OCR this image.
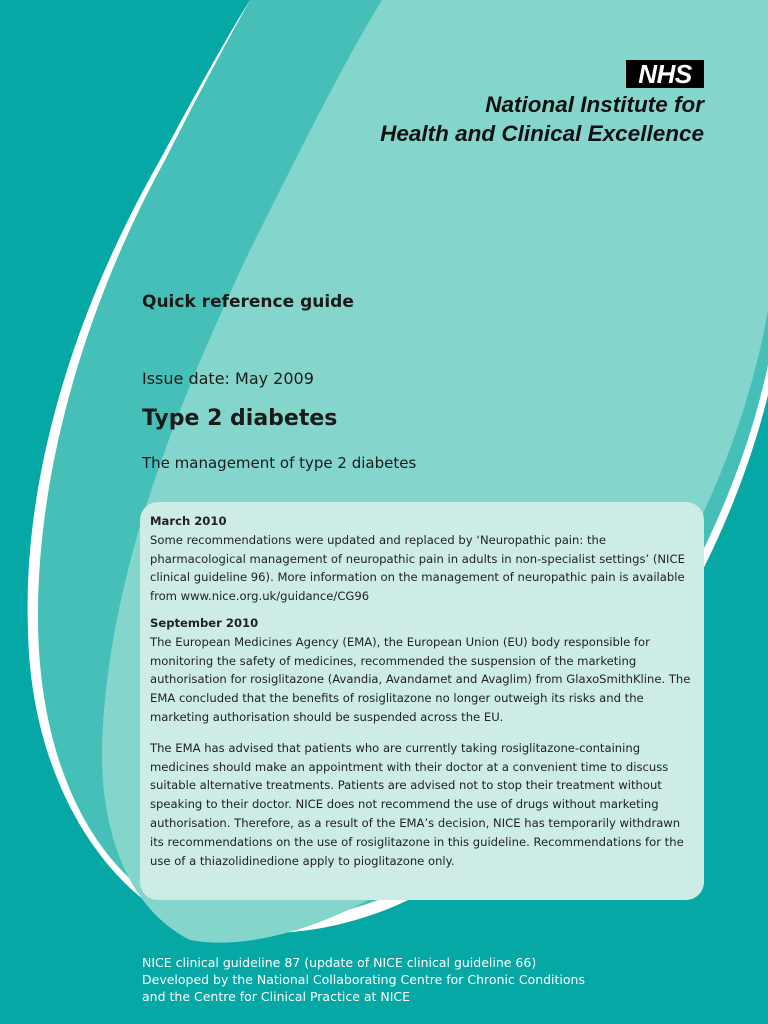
NHS
National Institute for
Health and Clinical Excellence
Quick reference guide
Issue date: May 2009
Type 2 diabetes
The management of type 2 diabetes

March 2010

Some recommendations were updated and replaced by ‘Neuropathic pain: the pharmacological management of neuropathic pain in adults in non-specialist settings’ (NICE clinical guideline 96). More information on the management of neuropathic pain is available from www.nice.org.uk/guidance/CG96

September 2010

The European Medicines Agency (EMA), the European Union (EU) body responsible for monitoring the safety of medicines, recommended the suspension of the marketing authorisation for rosiglitazone (Avandia, Avandamet and Avaglim) from GlaxoSmithKline. The EMA concluded that the benefits of rosiglitazone no longer outweigh its risks and the marketing authorisation should be suspended across the EU.

The EMA has advised that patients who are currently taking rosiglitazone-containing medicines should make an appointment with their doctor at a convenient time to discuss suitable alternative treatments. Patients are advised not to stop their treatment without speaking to their doctor. NICE does not recommend the use of drugs without marketing authorisation. Therefore, as a result of the EMA’s decision, NICE has temporarily withdrawn its recommendations on the use of rosiglitazone in this guideline. Recommendations for the use of a thiazolidinedione apply to pioglitazone only.

NICE clinical guideline 87 (update of NICE clinical guideline 66)
Developed by the National Collaborating Centre for Chronic Conditions
and the Centre for Clinical Practice at NICE
